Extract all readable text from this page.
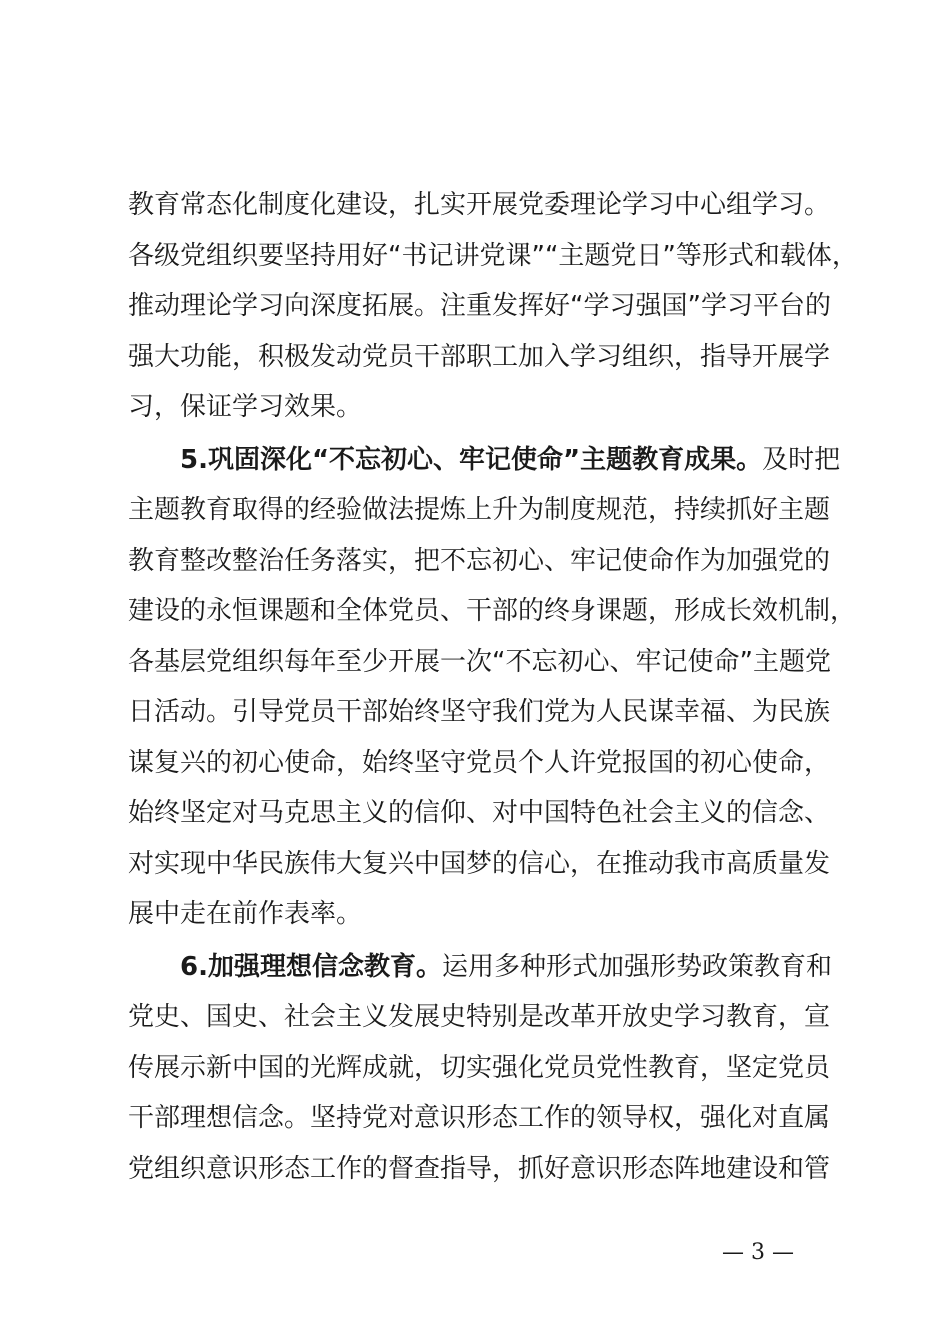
教育常态化制度化建设，扎实开展党委理论学习中心组学习。
各级党组织要坚持用好“书记讲党课”“主题党日”等形式和载体，
推动理论学习向深度拓展。注重发挥好“学习强国”学习平台的
强大功能，积极发动党员干部职工加入学习组织，指导开展学
习，保证学习效果。
5.巩固深化“不忘初心、牢记使命”主题教育成果。及时把
主题教育取得的经验做法提炼上升为制度规范，持续抓好主题
教育整改整治任务落实，把不忘初心、牢记使命作为加强党的
建设的永恒课题和全体党员、干部的终身课题，形成长效机制，
各基层党组织每年至少开展一次“不忘初心、牢记使命”主题党
日活动。引导党员干部始终坚守我们党为人民谋幸福、为民族
谋复兴的初心使命，始终坚守党员个人许党报国的初心使命，
始终坚定对马克思主义的信仰、对中国特色社会主义的信念、
对实现中华民族伟大复兴中国梦的信心，在推动我市高质量发
展中走在前作表率。
6.加强理想信念教育。运用多种形式加强形势政策教育和
党史、国史、社会主义发展史特别是改革开放史学习教育，宣
传展示新中国的光辉成就，切实强化党员党性教育，坚定党员
干部理想信念。坚持党对意识形态工作的领导权，强化对直属
党组织意识形态工作的督查指导，抓好意识形态阵地建设和管
— 3 —
